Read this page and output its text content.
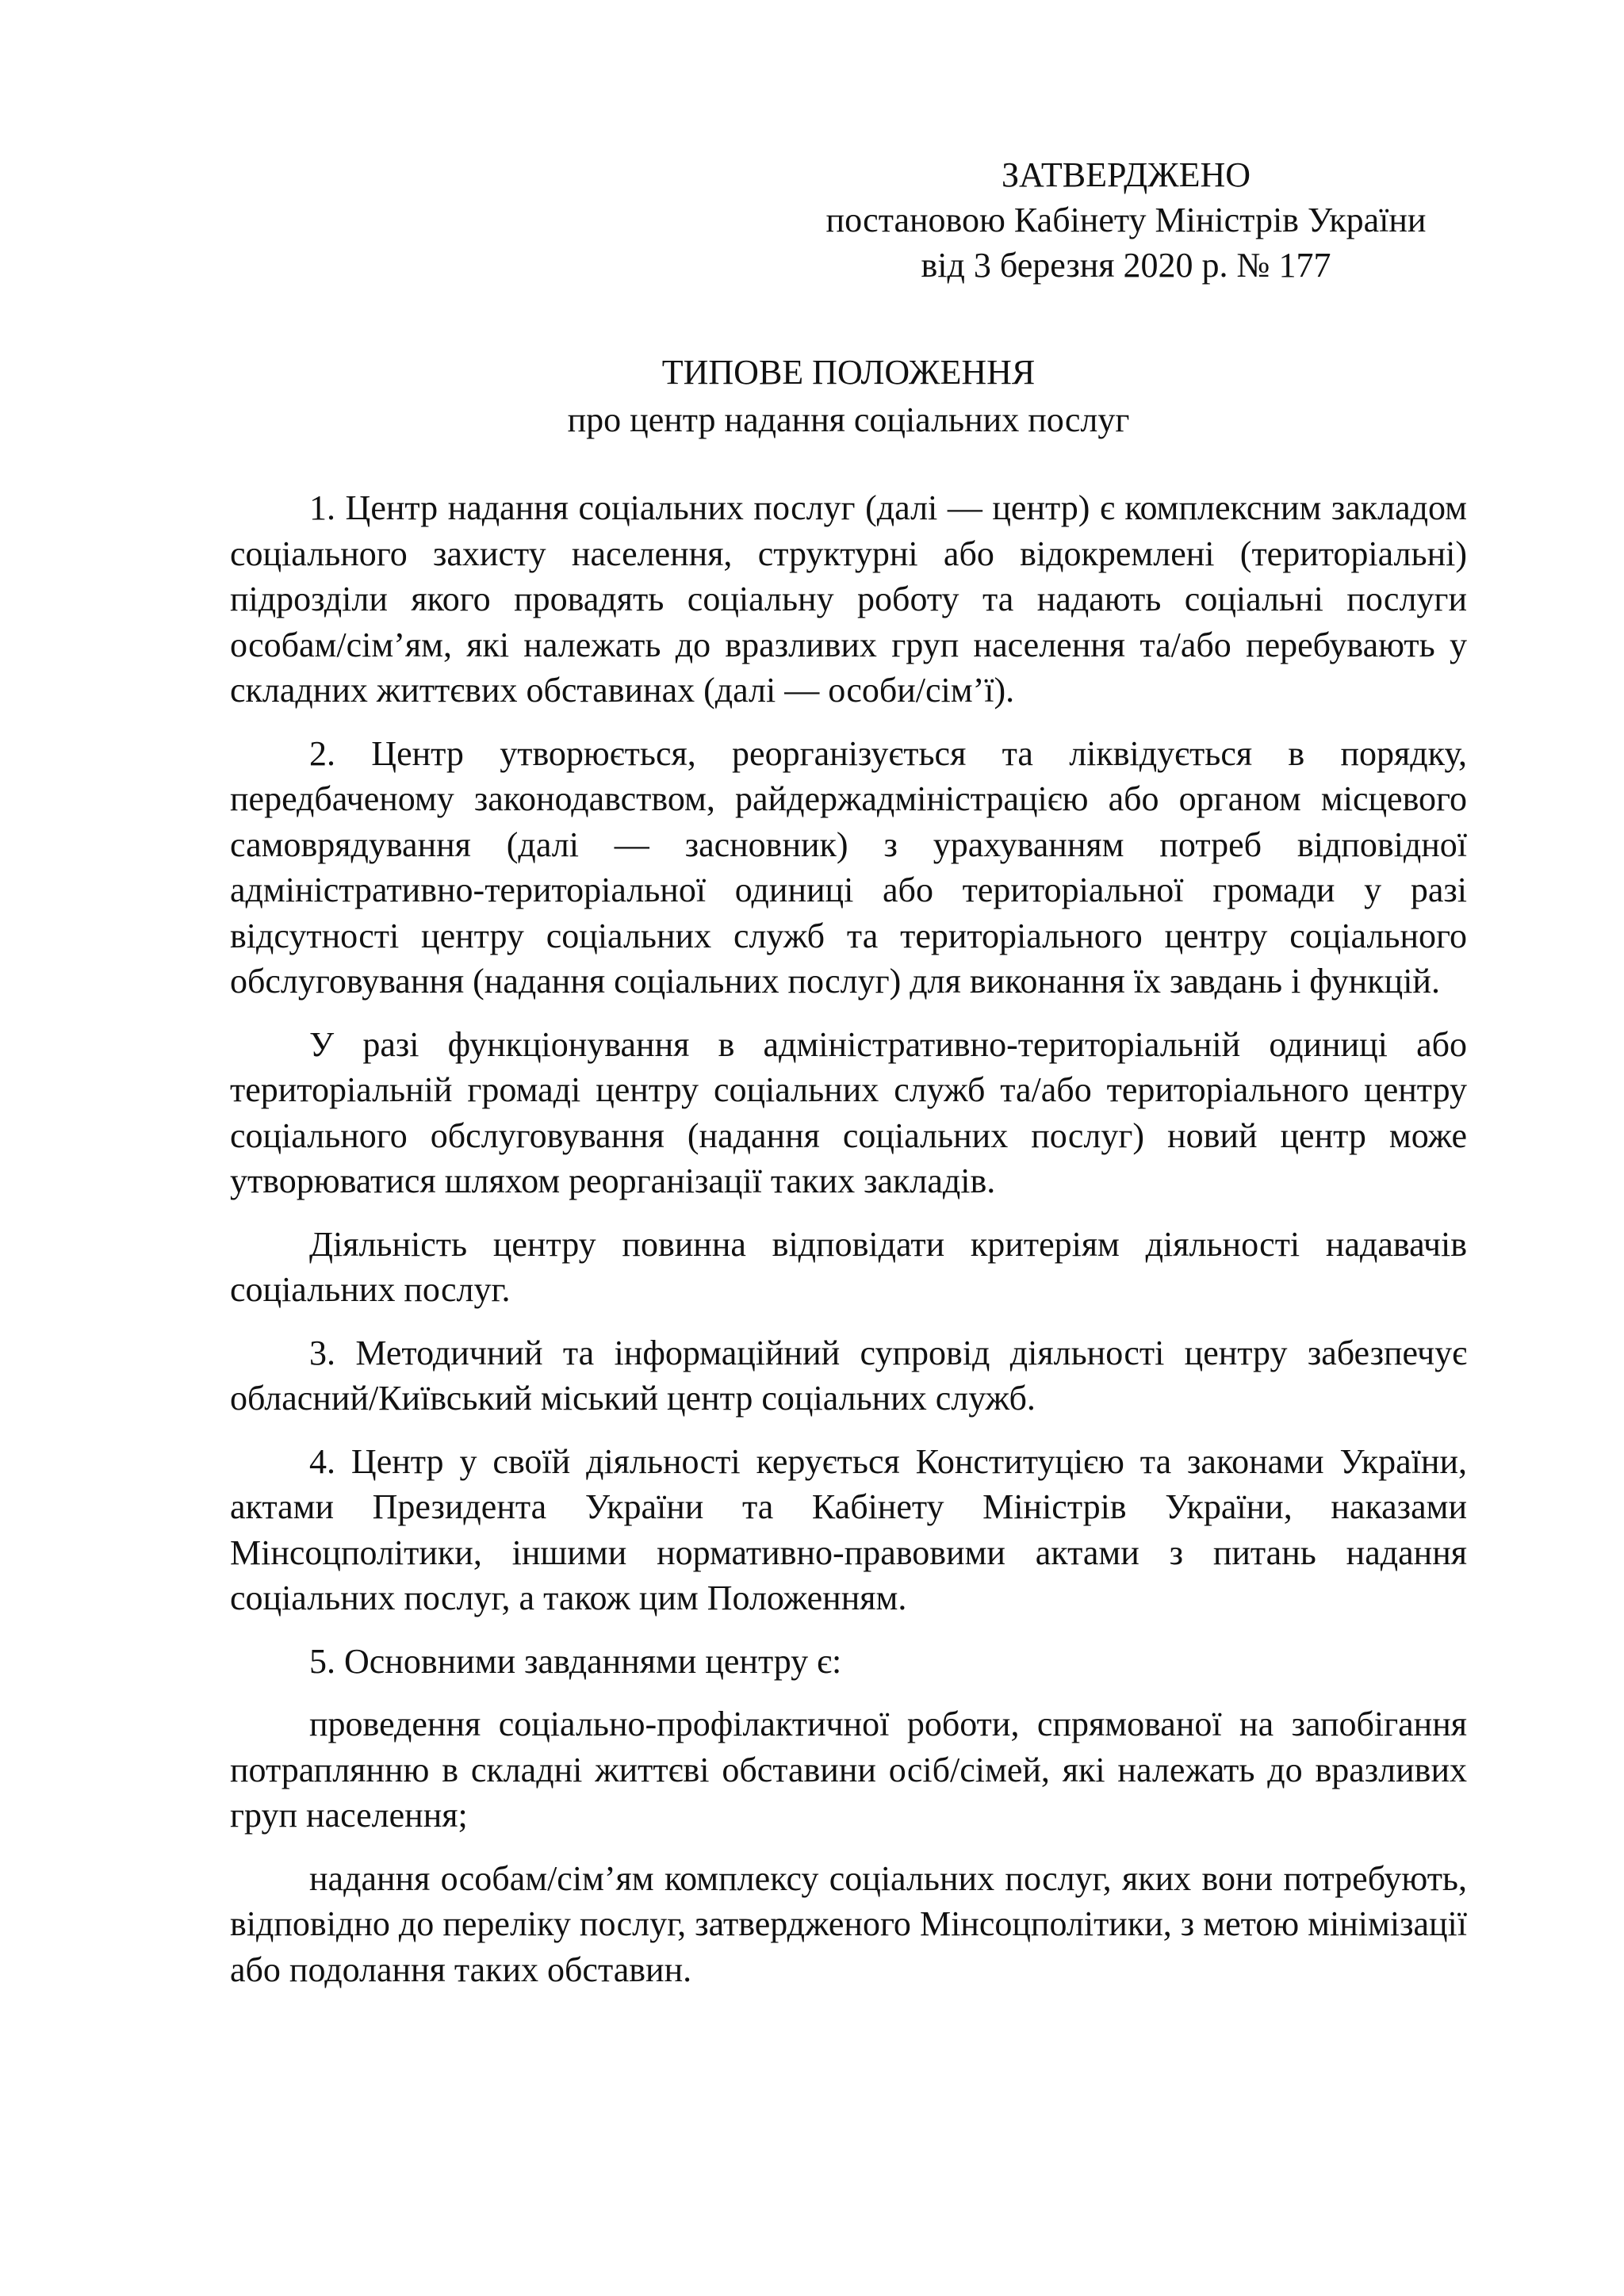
ЗАТВЕРДЖЕНО
постановою Кабінету Міністрів України
від 3 березня 2020 р. № 177
ТИПОВЕ ПОЛОЖЕННЯ
про центр надання соціальних послуг

1. Центр надання соціальних послуг (далі — центр) є комплексним закладом соціального захисту населення, структурні або відокремлені (територіальні) підрозділи якого провадять соціальну роботу та надають соціальні послуги особам/сім’ям, які належать до вразливих груп населення та/або перебувають у складних життєвих обставинах (далі — особи/сім’ї).

2. Центр утворюється, реорганізується та ліквідується в порядку, передбаченому законодавством, райдержадміністрацією або органом місцевого самоврядування (далі — засновник) з урахуванням потреб відповідної адміністративно-територіальної одиниці або територіальної громади у разі відсутності центру соціальних служб та територіального центру соціального обслуговування (надання соціальних послуг) для виконання їх завдань і функцій.

У разі функціонування в адміністративно-територіальній одиниці або територіальній громаді центру соціальних служб та/або територіального центру соціального обслуговування (надання соціальних послуг) новий центр може утворюватися шляхом реорганізації таких закладів.

Діяльність центру повинна відповідати критеріям діяльності надавачів соціальних послуг.

3. Методичний та інформаційний супровід діяльності центру забезпечує обласний/Київський міський центр соціальних служб.

4. Центр у своїй діяльності керується Конституцією та законами України, актами Президента України та Кабінету Міністрів України, наказами Мінсоцполітики, іншими нормативно-правовими актами з питань надання соціальних послуг, а також цим Положенням.

5. Основними завданнями центру є:

проведення соціально-профілактичної роботи, спрямованої на запобігання потраплянню в складні життєві обставини осіб/сімей, які належать до вразливих груп населення;

надання особам/сім’ям комплексу соціальних послуг, яких вони потребують, відповідно до переліку послуг, затвердженого Мінсоцполітики, з метою мінімізації або подолання таких обставин.
